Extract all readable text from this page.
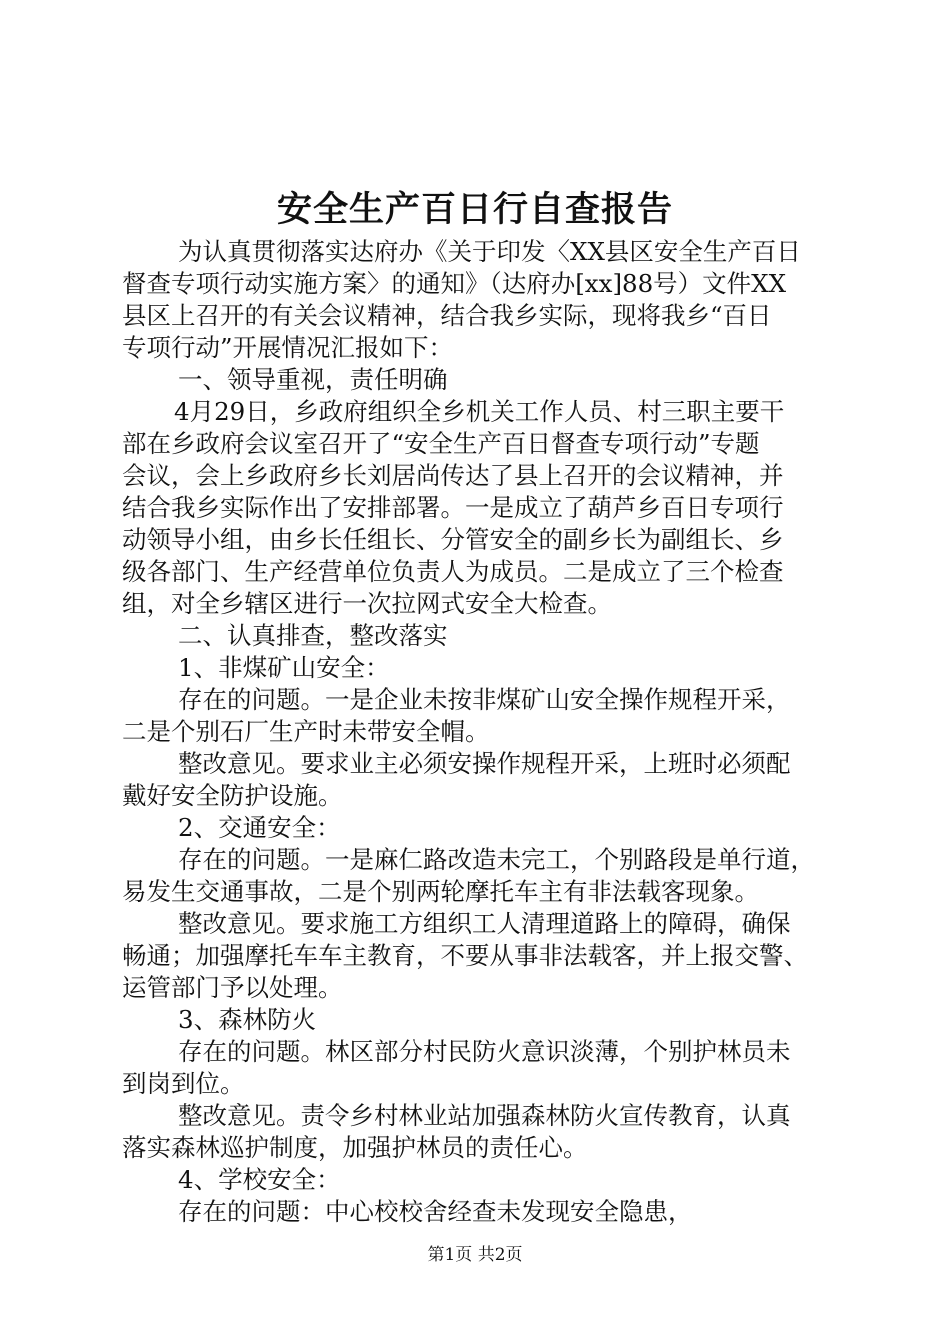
安全生产百日行自查报告
为认真贯彻落实达府办《关于印发〈XX县区安全生产百日
督查专项行动实施方案〉的通知》（达府办[xx]88号）文件XX
县区上召开的有关会议精神，结合我乡实际，现将我乡“百日
专项行动”开展情况汇报如下：
一、领导重视，责任明确
4月29日，乡政府组织全乡机关工作人员、村三职主要干
部在乡政府会议室召开了“安全生产百日督查专项行动”专题
会议，会上乡政府乡长刘居尚传达了县上召开的会议精神，并
结合我乡实际作出了安排部署。一是成立了葫芦乡百日专项行
动领导小组，由乡长任组长、分管安全的副乡长为副组长、乡
级各部门、生产经营单位负责人为成员。二是成立了三个检查
组，对全乡辖区进行一次拉网式安全大检查。
二、认真排查，整改落实
1、非煤矿山安全：
存在的问题。一是企业未按非煤矿山安全操作规程开采，
二是个别石厂生产时未带安全帽。
整改意见。要求业主必须安操作规程开采，上班时必须配
戴好安全防护设施。
2、交通安全：
存在的问题。一是麻仁路改造未完工，个别路段是单行道，
易发生交通事故，二是个别两轮摩托车主有非法载客现象。
整改意见。要求施工方组织工人清理道路上的障碍，确保
畅通；加强摩托车车主教育，不要从事非法载客，并上报交警、
运管部门予以处理。
3、森林防火
存在的问题。林区部分村民防火意识淡薄，个别护林员未
到岗到位。
整改意见。责令乡村林业站加强森林防火宣传教育，认真
落实森林巡护制度，加强护林员的责任心。
4、学校安全：
存在的问题：中心校校舍经查未发现安全隐患，
第1页 共2页
